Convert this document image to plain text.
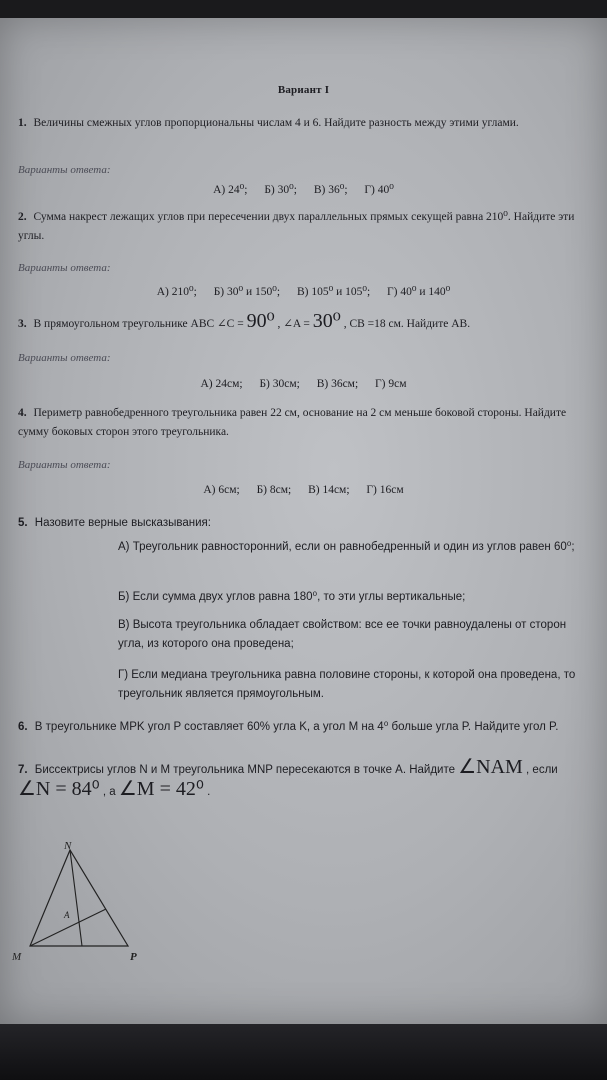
Вариант I
1. Величины смежных углов пропорциональны числам 4 и 6. Найдите разность между этими углами.
Варианты ответа:
А) 24⁰; Б) 30⁰; В) 36⁰; Г) 40⁰
2. Сумма накрест лежащих углов при пересечении двух параллельных прямых секущей равна 210⁰. Найдите эти углы.
Варианты ответа:
А) 210⁰; Б) 30⁰ и 150⁰; В) 105⁰ и 105⁰; Г) 40⁰ и 140⁰
3. В прямоугольном треугольнике ABC ∠C = 90⁰ , ∠A = 30⁰ , CB =18 см. Найдите AB.
Варианты ответа:
А) 24см; Б) 30см; В) 36см; Г) 9см
4. Периметр равнобедренного треугольника равен 22 см, основание на 2 см меньше боковой стороны. Найдите сумму боковых сторон этого треугольника.
Варианты ответа:
А) 6см; Б) 8см; В) 14см; Г) 16см
5. Назовите верные высказывания:
А) Треугольник равносторонний, если он равнобедренный и один из углов равен 60⁰;
Б) Если сумма двух углов равна 180⁰, то эти углы вертикальные;
В) Высота треугольника обладает свойством: все ее точки равноудалены от сторон угла, из которого она проведена;
Г) Если медиана треугольника равна половине стороны, к которой она проведена, то треугольник является прямоугольным.
6. В треугольнике MPK угол P составляет 60% угла K, а угол M на 4⁰ больше угла P. Найдите угол P.
7. Биссектрисы углов N и M треугольника MNP пересекаются в точке A. Найдите ∠NAM , если
∠N = 84⁰ , а ∠M = 42⁰ .
N
M	P
A
